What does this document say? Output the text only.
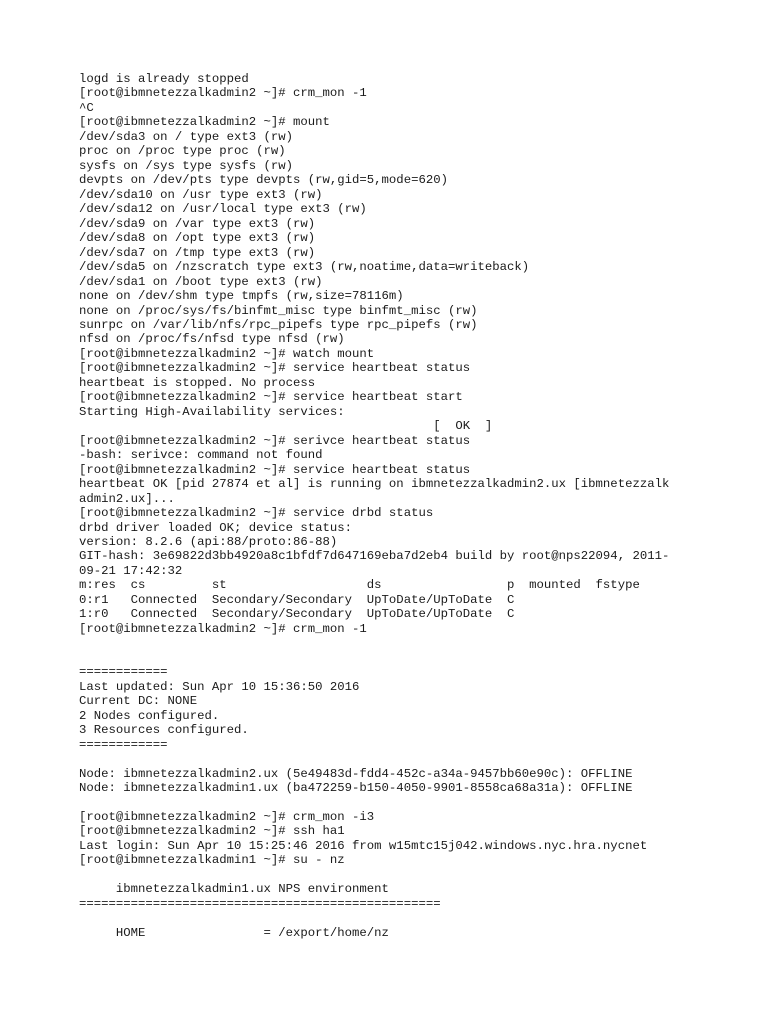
logd is already stopped
[root@ibmnetezzalkadmin2 ~]# crm_mon -1
^C
[root@ibmnetezzalkadmin2 ~]# mount
/dev/sda3 on / type ext3 (rw)
proc on /proc type proc (rw)
sysfs on /sys type sysfs (rw)
devpts on /dev/pts type devpts (rw,gid=5,mode=620)
/dev/sda10 on /usr type ext3 (rw)
/dev/sda12 on /usr/local type ext3 (rw)
/dev/sda9 on /var type ext3 (rw)
/dev/sda8 on /opt type ext3 (rw)
/dev/sda7 on /tmp type ext3 (rw)
/dev/sda5 on /nzscratch type ext3 (rw,noatime,data=writeback)
/dev/sda1 on /boot type ext3 (rw)
none on /dev/shm type tmpfs (rw,size=78116m)
none on /proc/sys/fs/binfmt_misc type binfmt_misc (rw)
sunrpc on /var/lib/nfs/rpc_pipefs type rpc_pipefs (rw)
nfsd on /proc/fs/nfsd type nfsd (rw)
[root@ibmnetezzalkadmin2 ~]# watch mount
[root@ibmnetezzalkadmin2 ~]# service heartbeat status
heartbeat is stopped. No process
[root@ibmnetezzalkadmin2 ~]# service heartbeat start
Starting High-Availability services:
[  OK  ]
[root@ibmnetezzalkadmin2 ~]# serivce heartbeat status
-bash: serivce: command not found
[root@ibmnetezzalkadmin2 ~]# service heartbeat status
heartbeat OK [pid 27874 et al] is running on ibmnetezzalkadmin2.ux [ibmnetezzalk
admin2.ux]...
[root@ibmnetezzalkadmin2 ~]# service drbd status
drbd driver loaded OK; device status:
version: 8.2.6 (api:88/proto:86-88)
GIT-hash: 3e69822d3bb4920a8c1bfdf7d647169eba7d2eb4 build by root@nps22094, 2011-
09-21 17:42:32
m:res  cs         st                   ds                 p  mounted  fstype
0:r1   Connected  Secondary/Secondary  UpToDate/UpToDate  C
1:r0   Connected  Secondary/Secondary  UpToDate/UpToDate  C
[root@ibmnetezzalkadmin2 ~]# crm_mon -1
============
Last updated: Sun Apr 10 15:36:50 2016
Current DC: NONE
2 Nodes configured.
3 Resources configured.
============
Node: ibmnetezzalkadmin2.ux (5e49483d-fdd4-452c-a34a-9457bb60e90c): OFFLINE
Node: ibmnetezzalkadmin1.ux (ba472259-b150-4050-9901-8558ca68a31a): OFFLINE
[root@ibmnetezzalkadmin2 ~]# crm_mon -i3
[root@ibmnetezzalkadmin2 ~]# ssh ha1
Last login: Sun Apr 10 15:25:46 2016 from w15mtc15j042.windows.nyc.hra.nycnet
[root@ibmnetezzalkadmin1 ~]# su - nz
ibmnetezzalkadmin1.ux NPS environment
=================================================
HOME                = /export/home/nz
